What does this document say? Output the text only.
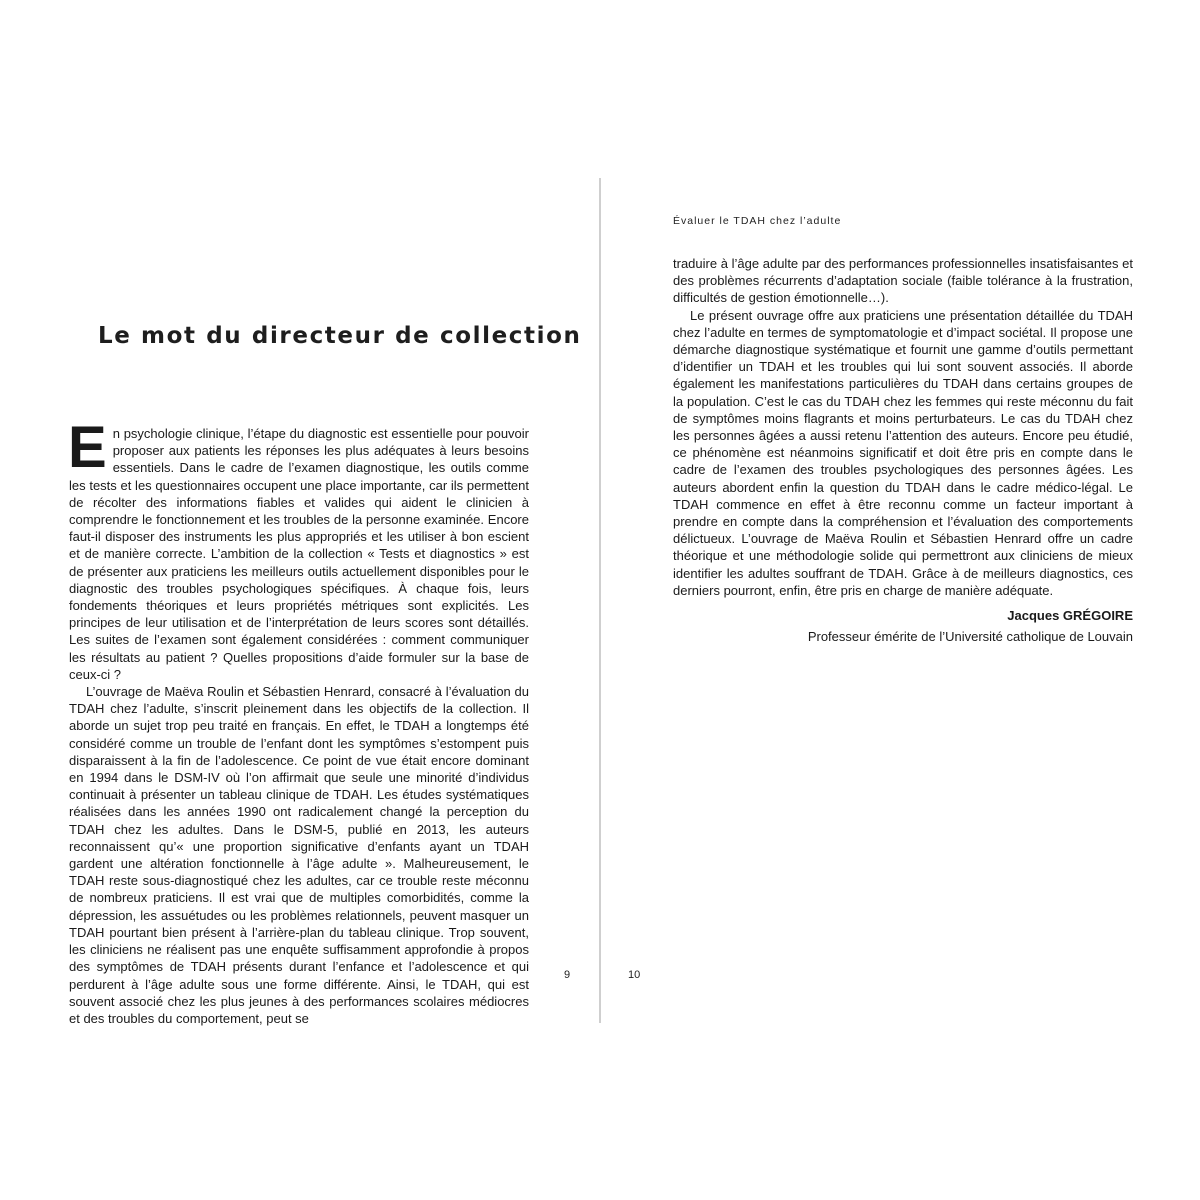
Le mot du directeur de collection

En psychologie clinique, l’étape du diagnostic est essentielle pour pouvoir proposer aux patients les réponses les plus adéquates à leurs besoins essentiels. Dans le cadre de l’examen diagnostique, les outils comme les tests et les questionnaires occupent une place importante, car ils permettent de récolter des informations fiables et valides qui aident le clinicien à comprendre le fonctionnement et les troubles de la personne examinée. Encore faut-il disposer des instruments les plus appropriés et les utiliser à bon escient et de manière correcte. L’ambition de la collection « Tests et diagnostics » est de présenter aux praticiens les meilleurs outils actuellement disponibles pour le diagnostic des troubles psychologiques spécifiques. À chaque fois, leurs fondements théoriques et leurs propriétés métriques sont explicités. Les principes de leur utilisation et de l’interprétation de leurs scores sont détaillés. Les suites de l’examen sont également considérées : comment communiquer les résultats au patient ? Quelles propositions d’aide formuler sur la base de ceux-ci ?

L’ouvrage de Maëva Roulin et Sébastien Henrard, consacré à l’évaluation du TDAH chez l’adulte, s’inscrit pleinement dans les objectifs de la collection. Il aborde un sujet trop peu traité en français. En effet, le TDAH a longtemps été considéré comme un trouble de l’enfant dont les symptômes s’estompent puis disparaissent à la fin de l’adolescence. Ce point de vue était encore dominant en 1994 dans le DSM-IV où l’on affirmait que seule une minorité d’individus continuait à présenter un tableau clinique de TDAH. Les études systématiques réalisées dans les années 1990 ont radicalement changé la perception du TDAH chez les adultes. Dans le DSM-5, publié en 2013, les auteurs reconnaissent qu’« une proportion significative d’enfants ayant un TDAH gardent une altération fonctionnelle à l’âge adulte ». Malheureusement, le TDAH reste sous-diagnostiqué chez les adultes, car ce trouble reste méconnu de nombreux praticiens. Il est vrai que de multiples comorbidités, comme la dépression, les assuétudes ou les problèmes relationnels, peuvent masquer un TDAH pourtant bien présent à l’arrière-plan du tableau clinique. Trop souvent, les cliniciens ne réalisent pas une enquête suffisamment approfondie à propos des symptômes de TDAH présents durant l’enfance et l’adolescence et qui perdurent à l’âge adulte sous une forme différente. Ainsi, le TDAH, qui est souvent associé chez les plus jeunes à des performances scolaires médiocres et des troubles du comportement, peut se

9
Évaluer le TDAH chez l’adulte

traduire à l’âge adulte par des performances professionnelles insatisfaisantes et des problèmes récurrents d’adaptation sociale (faible tolérance à la frustration, difficultés de gestion émotionnelle…).

Le présent ouvrage offre aux praticiens une présentation détaillée du TDAH chez l’adulte en termes de symptomatologie et d’impact sociétal. Il propose une démarche diagnostique systématique et fournit une gamme d’outils permettant d’identifier un TDAH et les troubles qui lui sont souvent associés. Il aborde également les manifestations particulières du TDAH dans certains groupes de la population. C’est le cas du TDAH chez les femmes qui reste méconnu du fait de symptômes moins flagrants et moins perturbateurs. Le cas du TDAH chez les personnes âgées a aussi retenu l’attention des auteurs. Encore peu étudié, ce phénomène est néanmoins significatif et doit être pris en compte dans le cadre de l’examen des troubles psychologiques des personnes âgées. Les auteurs abordent enfin la question du TDAH dans le cadre médico-légal. Le TDAH commence en effet à être reconnu comme un facteur important à prendre en compte dans la compréhension et l’évaluation des comportements délictueux. L’ouvrage de Maëva Roulin et Sébastien Henrard offre un cadre théorique et une méthodologie solide qui permettront aux cliniciens de mieux identifier les adultes souffrant de TDAH. Grâce à de meilleurs diagnostics, ces derniers pourront, enfin, être pris en charge de manière adéquate.

Jacques GRÉGOIRE

Professeur émérite de l’Université catholique de Louvain

10
